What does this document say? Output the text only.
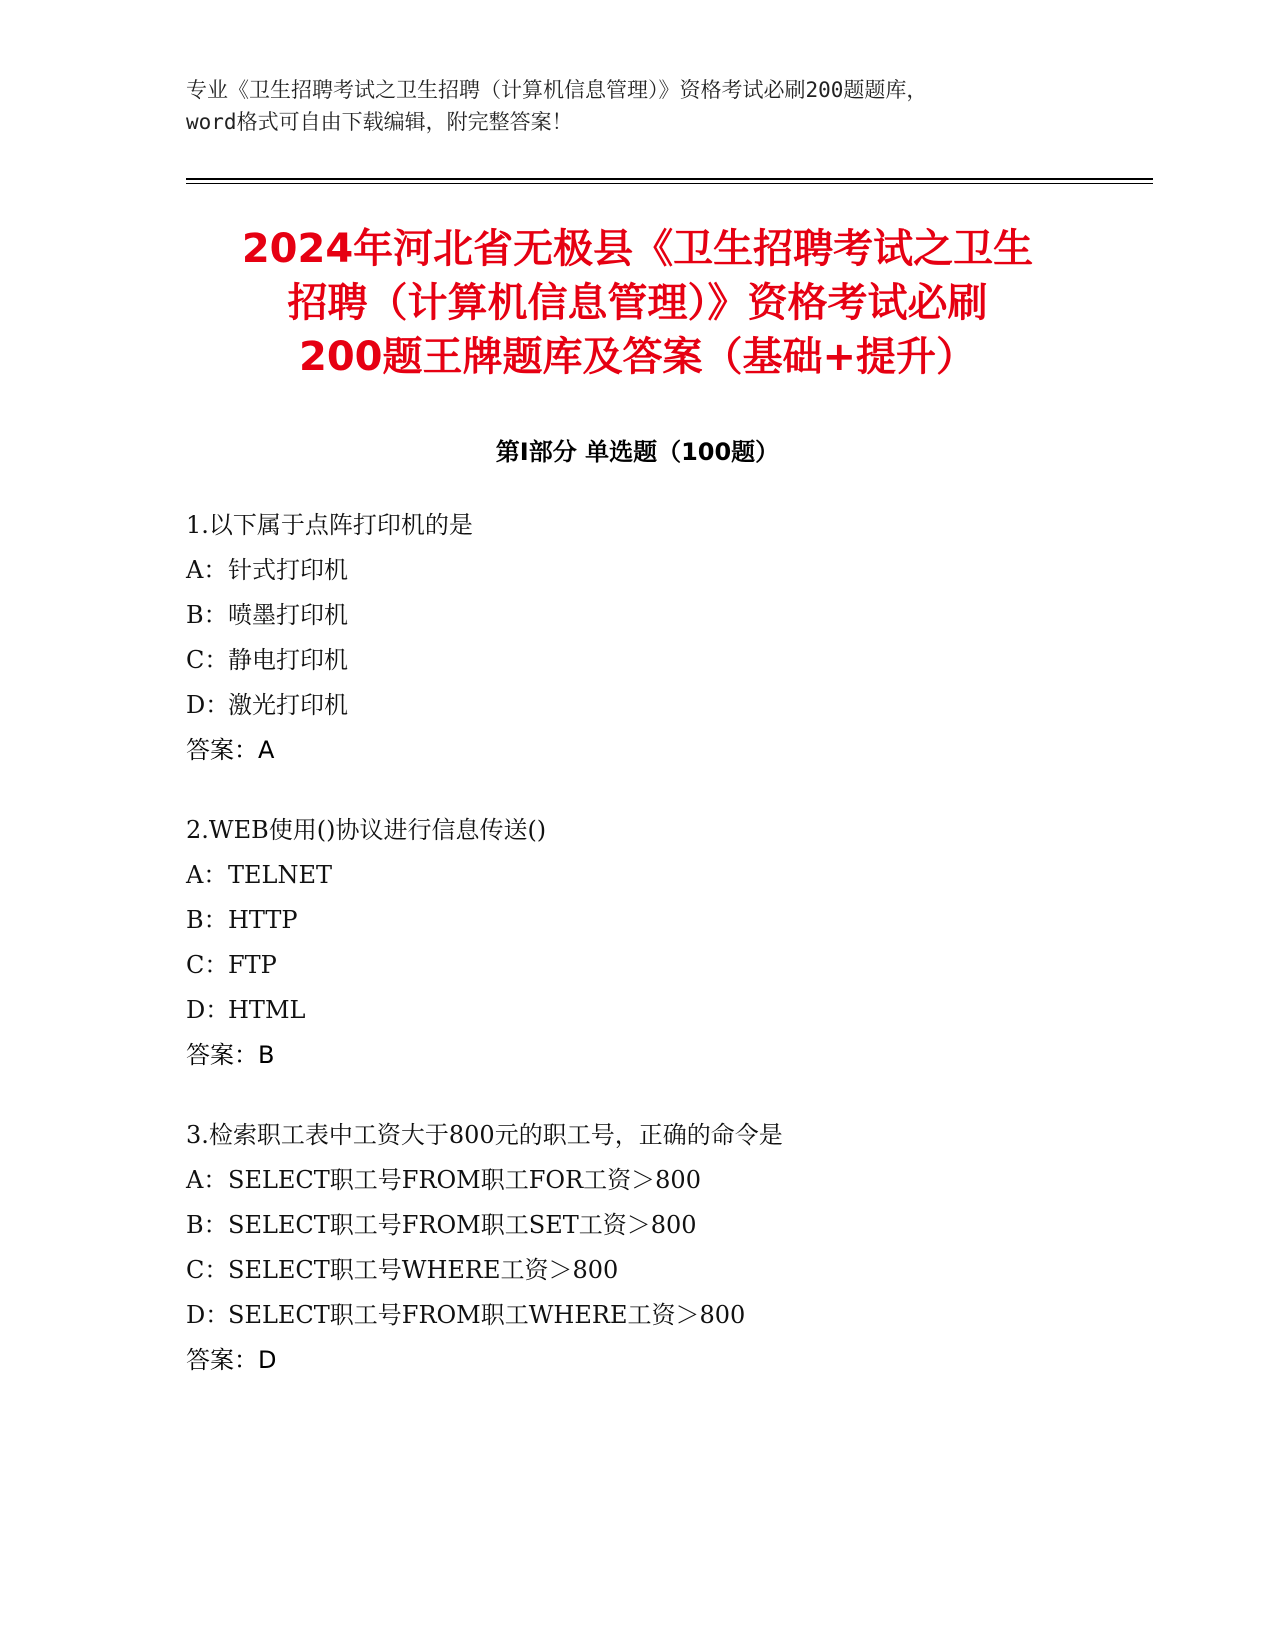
专业《卫生招聘考试之卫生招聘（计算机信息管理）》资格考试必刷200题题库，
word格式可自由下载编辑，附完整答案！
2024年河北省无极县《卫生招聘考试之卫生
招聘（计算机信息管理）》资格考试必刷
200题王牌题库及答案（基础+提升）
第Ⅰ部分 单选题（100题）
1.以下属于点阵打印机的是
A：针式打印机
B：喷墨打印机
C：静电打印机
D：激光打印机
答案：A
2.WEB使用()协议进行信息传送()
A：TELNET
B：HTTP
C：FTP
D：HTML
答案：B
3.检索职工表中工资大于800元的职工号，正确的命令是
A：SELECT职工号FROM职工FOR工资＞800
B：SELECT职工号FROM职工SET工资＞800
C：SELECT职工号WHERE工资＞800
D：SELECT职工号FROM职工WHERE工资＞800
答案：D
